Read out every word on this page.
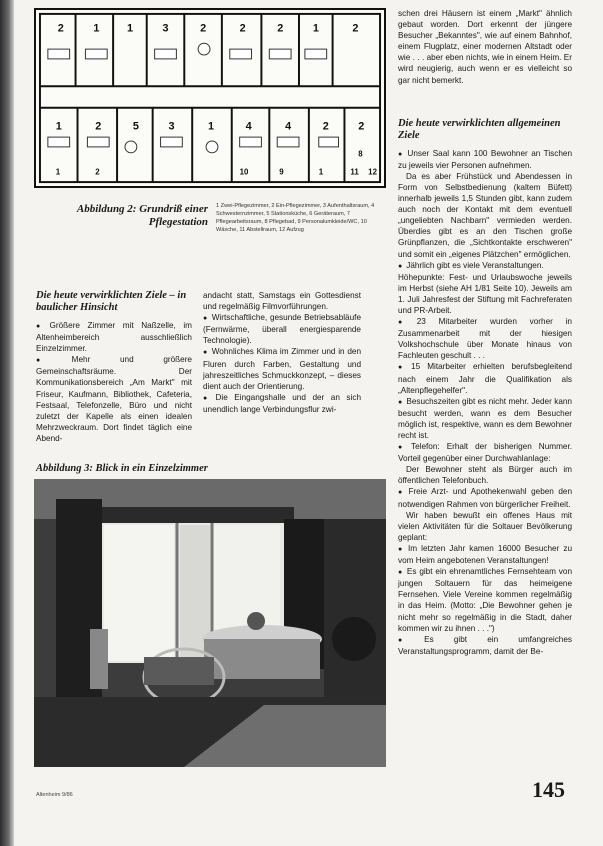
2	1	1	3	2	2	2	1	2
1	2	5	3	1	4	4	2	2
10	9	1
8
11 12
1	2
Abbildung 2: Grundriß einer Pflegestation
1 Zwei-Pflegezimmer, 2 Ein-Pflegezimmer, 3 Aufenthaltsraum, 4 Schwesternzimmer, 5 Stationsküche, 6 Geräteraum, 7 Pflegearbeitsraum, 8 Pflegebad, 9 Personalumkleide/WC, 10 Wäsche, 11 Abstellraum, 12 Aufzug
Die heute verwirklichten Ziele – in baulicher Hinsicht

● Größere Zimmer mit Naßzelle, im Altenheimbereich ausschließlich Einzelzimmer.

● Mehr und größere Gemeinschaftsräume. Der Kommunikationsbereich „Am Markt" mit Friseur, Kaufmann, Bibliothek, Cafeteria, Festsaal, Telefonzelle, Büro und nicht zuletzt der Kapelle als einen idealen Mehrzweckraum. Dort findet täglich eine Abend-

andacht statt, Samstags ein Gottesdienst und regelmäßig Filmvorführungen.

● Wirtschaftliche, gesunde Betriebsabläufe (Fernwärme, überall energiesparende Technologie).

● Wohnliches Klima im Zimmer und in den Fluren durch Farben, Gestaltung und jahreszeitliches Schmuckkonzept, – dieses dient auch der Orientierung.

● Die Eingangshalle und der an sich unendlich lange Verbindungsflur zwi-

Abbildung 3: Blick in ein Einzelzimmer

schen drei Häusern ist einem „Markt" ähnlich gebaut worden. Dort erkennt der jüngere Besucher „Bekanntes", wie auf einem Bahnhof, einem Flugplatz, einer modernen Altstadt oder wie . . . aber eben nichts, wie in einem Heim. Er wird neugierig, auch wenn er es vielleicht so gar nicht bemerkt.

Die heute verwirklichten allgemeinen Ziele

● Unser Saal kann 100 Bewohner an Tischen zu jeweils vier Personen aufnehmen.

Da es aber Frühstück und Abendessen in Form von Selbstbedienung (kaltem Büfett) innerhalb jeweils 1,5 Stunden gibt, kann zudem auch noch der Kontakt mit dem eventuell „ungeliebten Nachbarn" vermieden werden. Überdies gibt es an den Tischen große Grünpflanzen, die „Sichtkontakte erschweren" und somit ein „eigenes Plätzchen" ermöglichen.

● Jährlich gibt es viele Veranstaltungen.

Höhepunkte: Fest- und Urlaubswoche jeweils im Herbst (siehe AH 1/81 Seite 10). Jeweils am 1. Juli Jahresfest der Stiftung mit Fachreferaten und PR-Arbeit.

● 23 Mitarbeiter wurden vorher in Zusammenarbeit mit der hiesigen Volkshochschule über Monate hinaus von Fachleuten geschult . . .

● 15 Mitarbeiter erhielten berufsbegleitend nach einem Jahr die Qualifikation als „Altenpflegehelfer".

● Besuchszeiten gibt es nicht mehr. Jeder kann besucht werden, wann es dem Besucher möglich ist, respektive, wann es dem Bewohner recht ist.

● Telefon: Erhalt der bisherigen Nummer. Vorteil gegenüber einer Durchwahlanlage:

Der Bewohner steht als Bürger auch im öffentlichen Telefonbuch.

● Freie Arzt- und Apothekenwahl geben den notwendigen Rahmen von bürgerlicher Freiheit.

Wir haben bewußt ein offenes Haus mit vielen Aktivitäten für die Soltauer Bevölkerung geplant:

● Im letzten Jahr kamen 16000 Besucher zu vom Heim angebotenen Veranstaltungen!

● Es gibt ein ehrenamtliches Fernsehteam von jungen Soltauern für das heimeigene Fernsehen. Viele Vereine kommen regelmäßig in das Heim. (Motto: „Die Bewohner gehen je nicht mehr so regelmäßig in die Stadt, daher kommen wir zu ihnen . . .")

● Es gibt ein umfangreiches Veranstaltungsprogramm, damit der Be-

Altenheim 9/86	145
